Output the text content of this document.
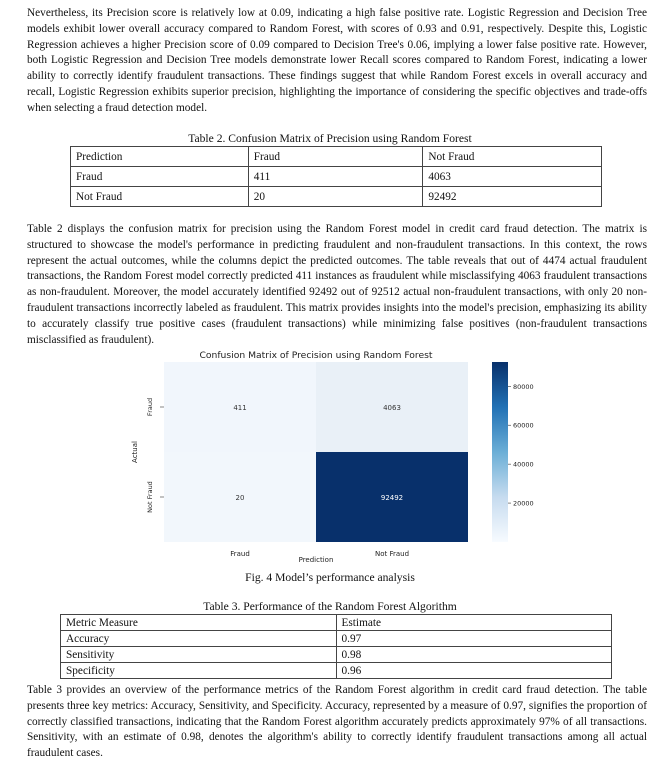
Nevertheless, its Precision score is relatively low at 0.09, indicating a high false positive rate. Logistic Regression and Decision Tree models exhibit lower overall accuracy compared to Random Forest, with scores of 0.93 and 0.91, respectively. Despite this, Logistic Regression achieves a higher Precision score of 0.09 compared to Decision Tree's 0.06, implying a lower false positive rate. However, both Logistic Regression and Decision Tree models demonstrate lower Recall scores compared to Random Forest, indicating a lower ability to correctly identify fraudulent transactions. These findings suggest that while Random Forest excels in overall accuracy and recall, Logistic Regression exhibits superior precision, highlighting the importance of considering the specific objectives and trade-offs when selecting a fraud detection model.

Table 2. Confusion Matrix of Precision using Random Forest
Prediction	Fraud	Not Fraud
Fraud	411	4063
Not Fraud	20	92492

Table 2 displays the confusion matrix for precision using the Random Forest model in credit card fraud detection. The matrix is structured to showcase the model's performance in predicting fraudulent and non-fraudulent transactions. In this context, the rows represent the actual outcomes, while the columns depict the predicted outcomes. The table reveals that out of 4474 actual fraudulent transactions, the Random Forest model correctly predicted 411 instances as fraudulent while misclassifying 4063 fraudulent transactions as non-fraudulent. Moreover, the model accurately identified 92492 out of 92512 actual non-fraudulent transactions, with only 20 non-fraudulent transactions incorrectly labeled as fraudulent. This matrix provides insights into the model's precision, emphasizing its ability to accurately classify true positive cases (fraudulent transactions) while minimizing false positives (non-fraudulent transactions misclassified as fraudulent).

Confusion Matrix of Precision using Random Forest
411	4063
20	92492
Fraud	Not Fraud
Fraud
Not Fraud
Prediction
Actual
20000
40000
60000
80000
Fig. 4 Model’s performance analysis
Table 3. Performance of the Random Forest Algorithm
Metric Measure	Estimate
Accuracy	0.97
Sensitivity	0.98
Specificity	0.96

Table 3 provides an overview of the performance metrics of the Random Forest algorithm in credit card fraud detection. The table presents three key metrics: Accuracy, Sensitivity, and Specificity. Accuracy, represented by a measure of 0.97, signifies the proportion of correctly classified transactions, indicating that the Random Forest algorithm accurately predicts approximately 97% of all transactions. Sensitivity, with an estimate of 0.98, denotes the algorithm's ability to correctly identify fraudulent transactions among all actual fraudulent cases.
